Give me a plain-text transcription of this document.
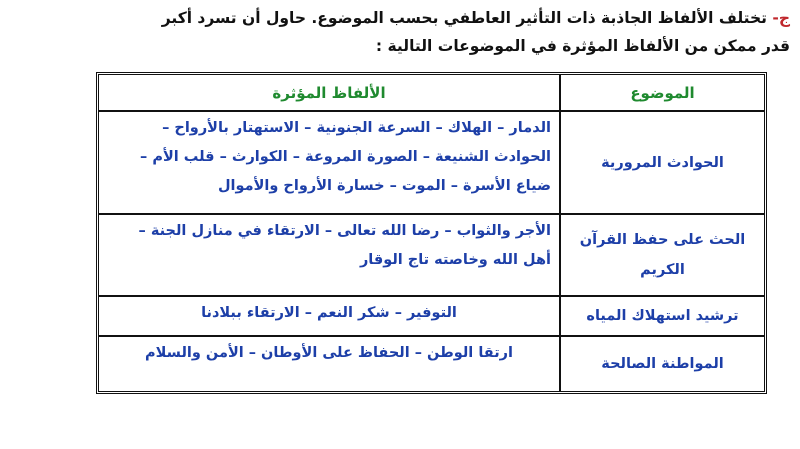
ج- تختلف الألفاظ الجاذبة ذات التأثير العاطفي بحسب الموضوع. حاول أن تسرد أكبر
قدر ممكن من الألفاظ المؤثرة في الموضوعات التالية :
الموضوع
الألفاظ المؤثرة
الحوادث المرورية
الدمار – الهلاك – السرعة الجنونية – الاستهتار بالأرواح – الحوادث الشنيعة – الصورة المروعة – الكوارث – قلب الأم – ضياع الأسرة – الموت – خسارة الأرواح والأموال
الحث على حفظ القرآن الكريم
الأجر والثواب – رضا الله تعالى – الارتقاء في منازل الجنة – أهل الله وخاصته تاج الوقار
ترشيد استهلاك المياه
التوفير – شكر النعم – الارتقاء ببلادنا
المواطنة الصالحة
ارتقا الوطن – الحفاظ على الأوطان – الأمن والسلام
